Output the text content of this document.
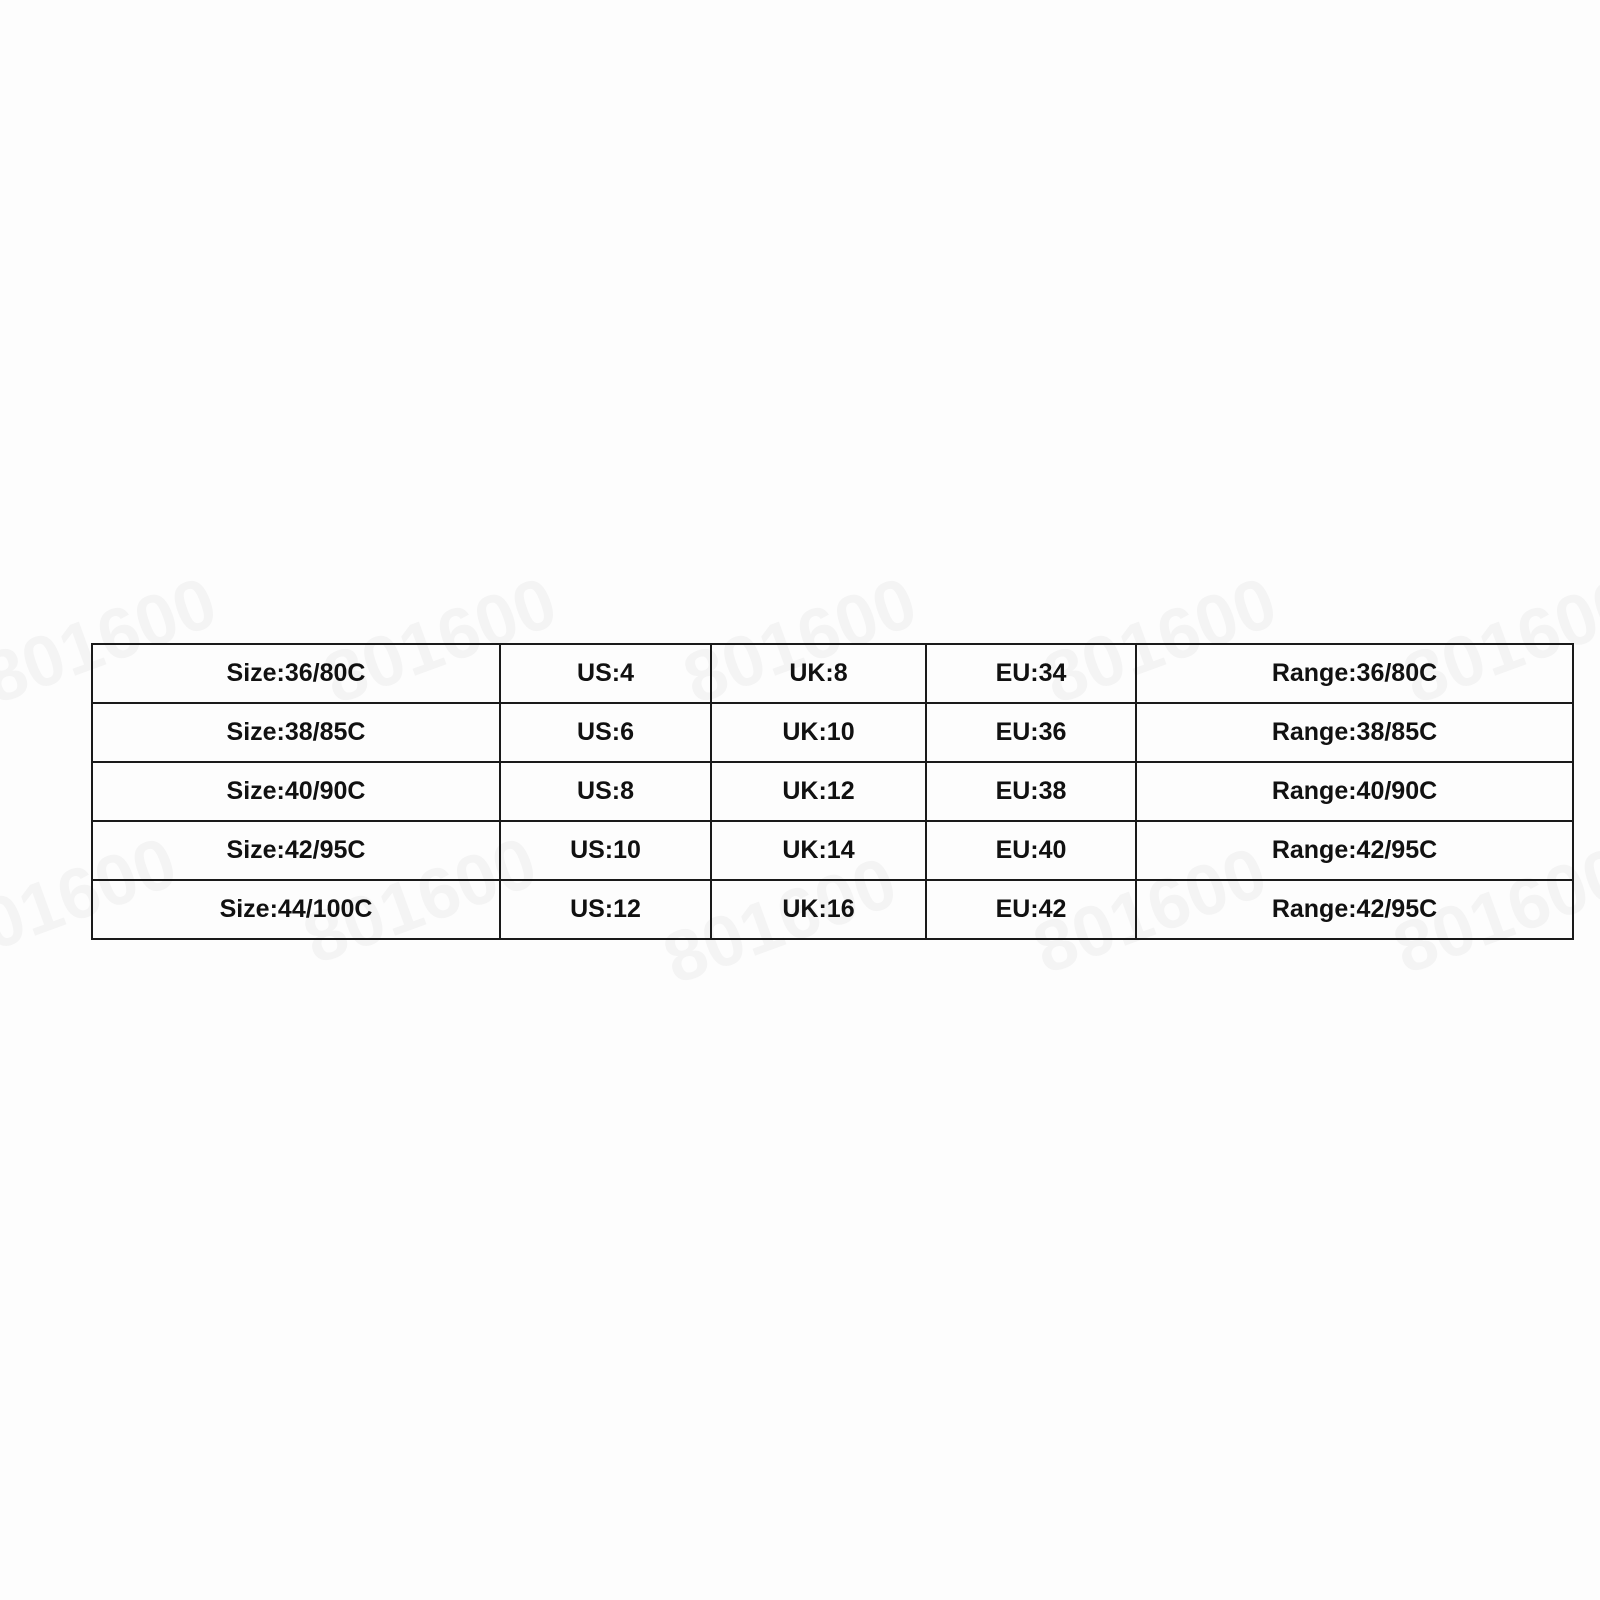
Size:36/80C	US:4	UK:8	EU:34	Range:36/80C
Size:38/85C	US:6	UK:10	EU:36	Range:38/85C
Size:40/90C	US:8	UK:12	EU:38	Range:40/90C
Size:42/95C	US:10	UK:14	EU:40	Range:42/95C
Size:44/100C	US:12	UK:16	EU:42	Range:42/95C
